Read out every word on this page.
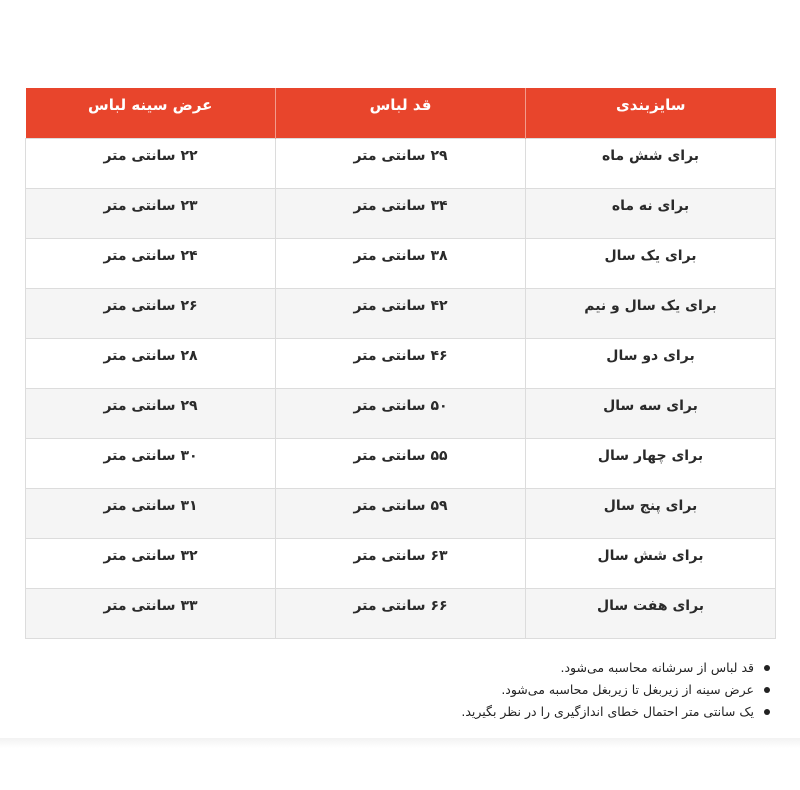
سایزبندی	قد لباس	عرض سینه لباس
برای شش ماه	۲۹ سانتی متر	۲۲ سانتی متر
برای نه ماه	۳۴ سانتی متر	۲۳ سانتی متر
برای یک سال	۳۸ سانتی متر	۲۴ سانتی متر
برای یک سال و نیم	۴۲ سانتی متر	۲۶ سانتی متر
برای دو سال	۴۶ سانتی متر	۲۸ سانتی متر
برای سه سال	۵۰ سانتی متر	۲۹ سانتی متر
برای چهار سال	۵۵ سانتی متر	۳۰ سانتی متر
برای پنج سال	۵۹ سانتی متر	۳۱ سانتی متر
برای شش سال	۶۳ سانتی متر	۳۲ سانتی متر
برای هفت سال	۶۶ سانتی متر	۳۳ سانتی متر
قد لباس از سرشانه محاسبه می‌شود.
عرض سینه از زیربغل تا زیربغل محاسبه می‌شود.
یک سانتی متر احتمال خطای اندازگیری را در نظر بگیرید.
